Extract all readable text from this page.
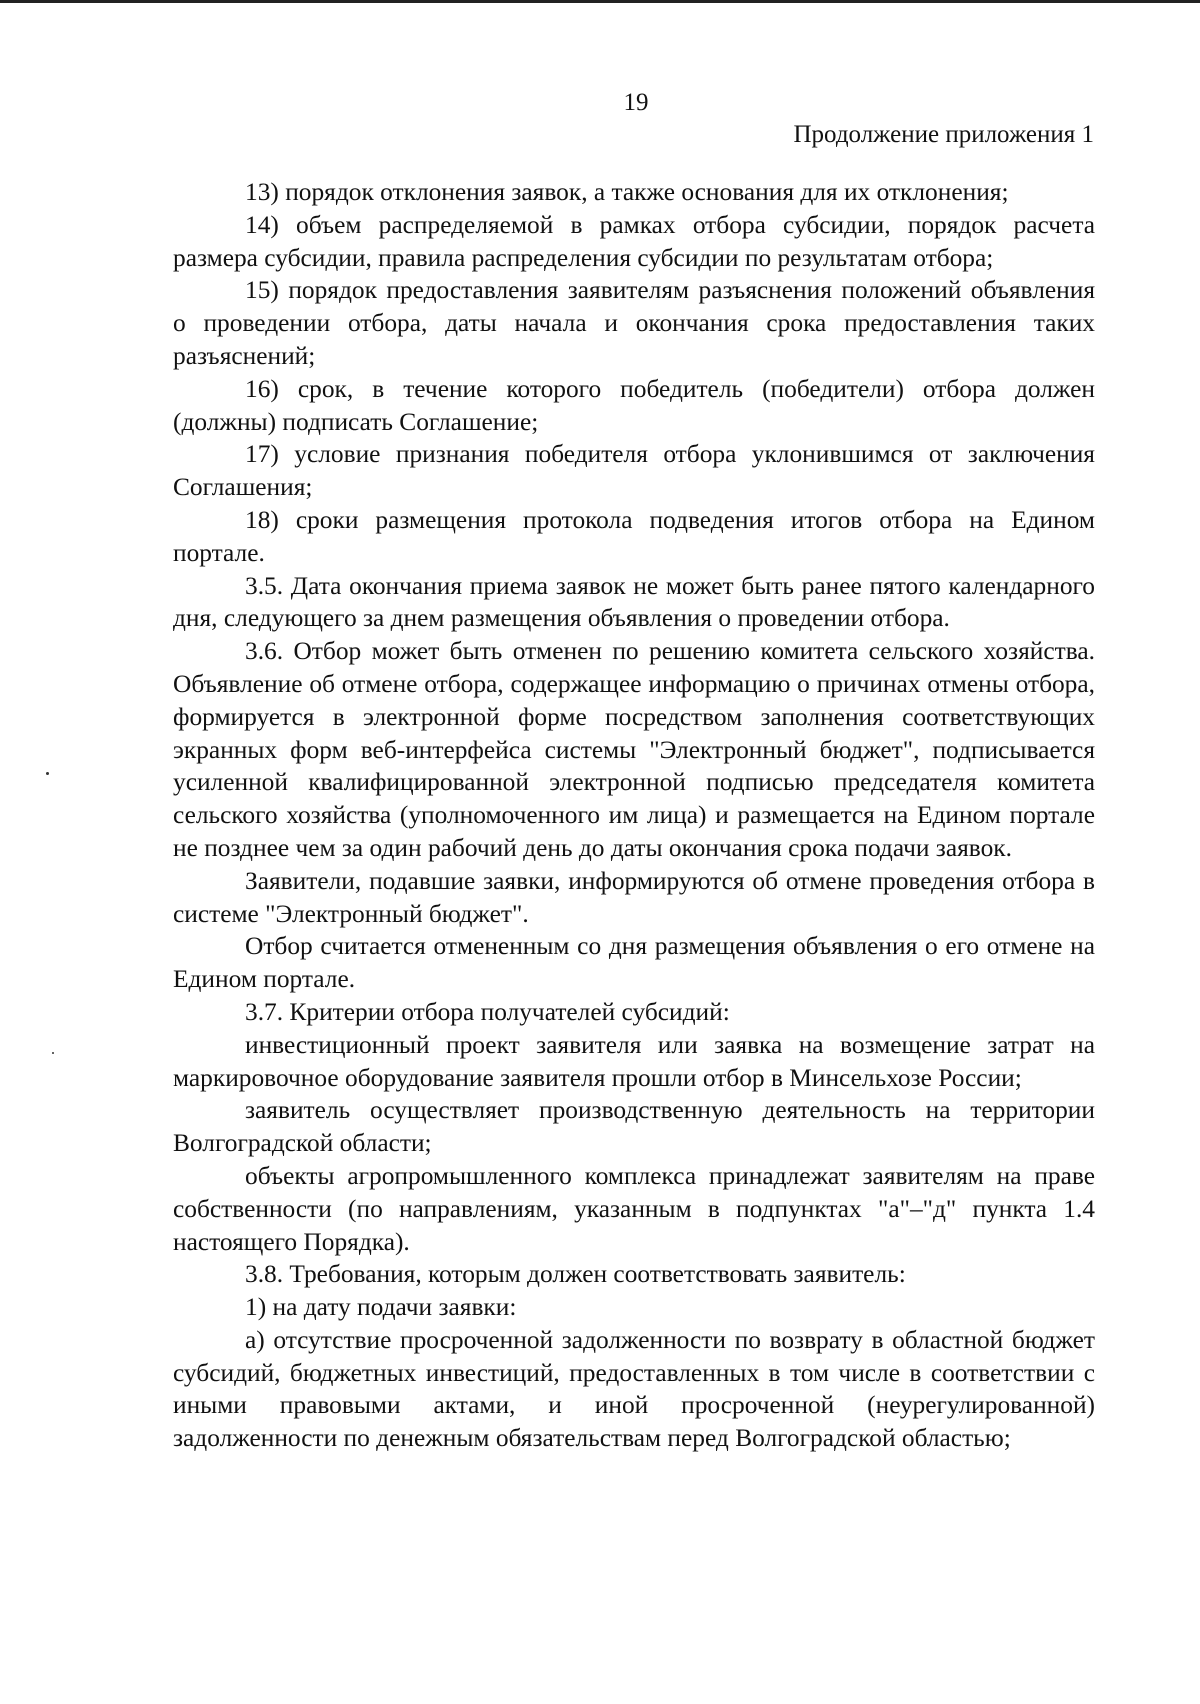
19
Продолжение приложения 1

13) порядок отклонения заявок, а также основания для их отклонения;

14) объем распределяемой в рамках отбора субсидии, порядок расчета размера субсидии, правила распределения субсидии по результатам отбора;

15) порядок предоставления заявителям разъяснения положений объявления о проведении отбора, даты начала и окончания срока предоставления таких разъяснений;

16) срок, в течение которого победитель (победители) отбора должен (должны) подписать Соглашение;

17) условие признания победителя отбора уклонившимся от заключения Соглашения;

18) сроки размещения протокола подведения итогов отбора на Едином портале.

3.5. Дата окончания приема заявок не может быть ранее пятого календарного дня, следующего за днем размещения объявления о проведении отбора.

3.6. Отбор может быть отменен по решению комитета сельского хозяйства. Объявление об отмене отбора, содержащее информацию о причинах отмены отбора, формируется в электронной форме посредством заполнения соответствующих экранных форм веб-интерфейса системы "Электронный бюджет", подписывается усиленной квалифицированной электронной подписью председателя комитета сельского хозяйства (уполномоченного им лица) и размещается на Едином портале не позднее чем за один рабочий день до даты окончания срока подачи заявок.

Заявители, подавшие заявки, информируются об отмене проведения отбора в системе "Электронный бюджет".

Отбор считается отмененным со дня размещения объявления о его отмене на Едином портале.

3.7. Критерии отбора получателей субсидий:

инвестиционный проект заявителя или заявка на возмещение затрат на маркировочное оборудование заявителя прошли отбор в Минсельхозе России;

заявитель осуществляет производственную деятельность на территории Волгоградской области;

объекты агропромышленного комплекса принадлежат заявителям на праве собственности (по направлениям, указанным в подпунктах "а"–"д" пункта 1.4 настоящего Порядка).

3.8. Требования, которым должен соответствовать заявитель:

1) на дату подачи заявки:

а) отсутствие просроченной задолженности по возврату в областной бюджет субсидий, бюджетных инвестиций, предоставленных в том числе в соответствии с иными правовыми актами, и иной просроченной (неурегулированной) задолженности по денежным обязательствам перед Волгоградской областью;
